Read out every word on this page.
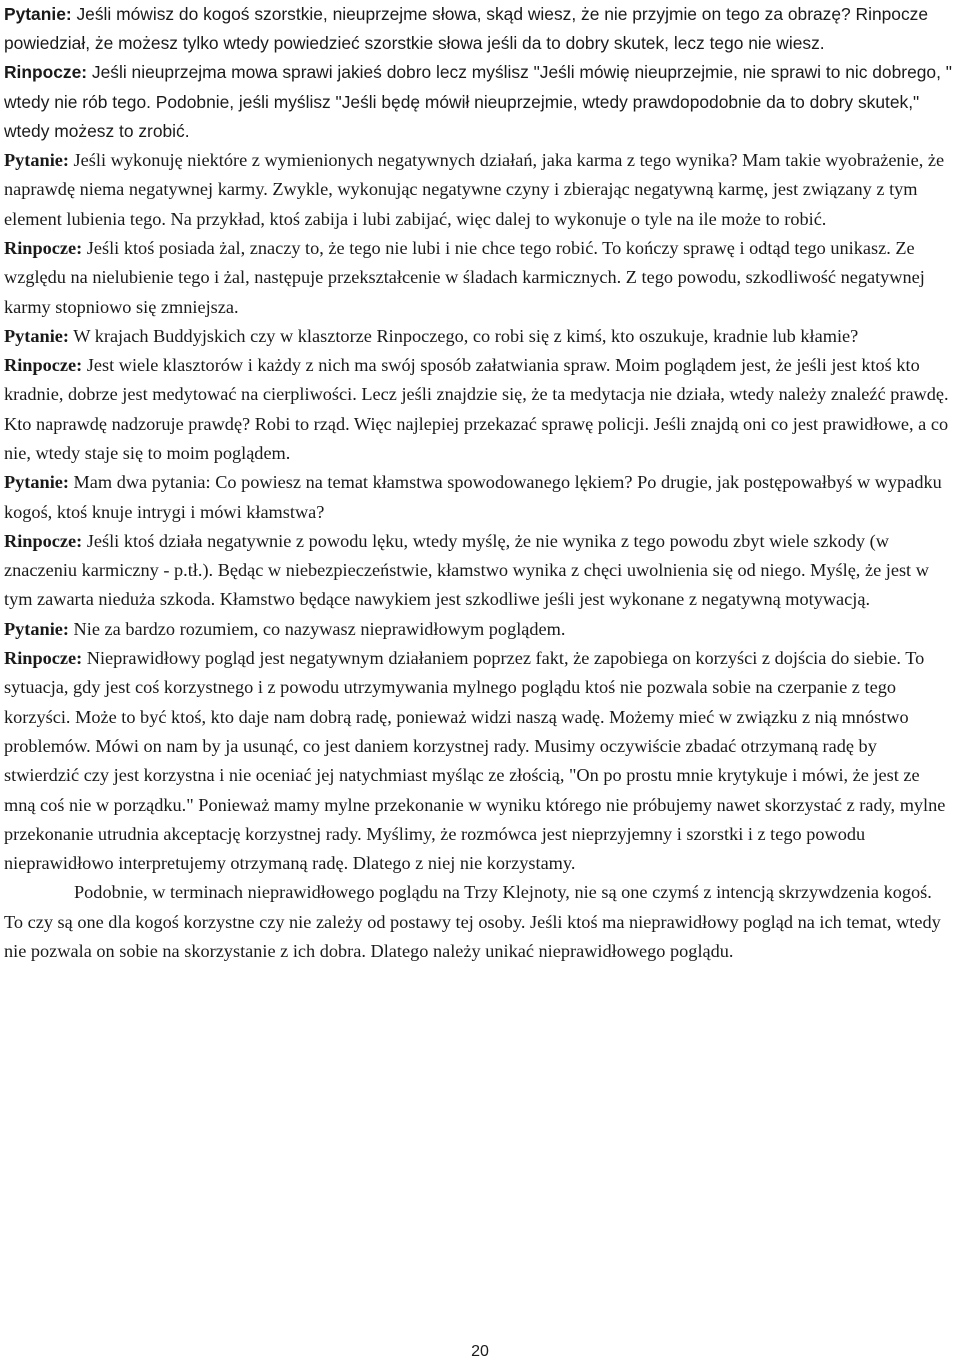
Pytanie: Jeśli mówisz do kogoś szorstkie, nieuprzejme słowa, skąd wiesz, że nie przyjmie on tego za obrazę? Rinpocze powiedział, że możesz tylko wtedy powiedzieć szorstkie słowa jeśli da to dobry skutek, lecz tego nie wiesz.

Rinpocze: Jeśli nieuprzejma mowa sprawi jakieś dobro lecz myślisz "Jeśli mówię nieuprzejmie, nie sprawi to nic dobrego, " wtedy nie rób tego. Podobnie, jeśli myślisz "Jeśli będę mówił nieuprzejmie, wtedy prawdopodobnie da to dobry skutek," wtedy możesz to zrobić.

Pytanie: Jeśli wykonuję niektóre z wymienionych negatywnych działań, jaka karma z tego wynika? Mam takie wyobrażenie, że naprawdę niema negatywnej karmy. Zwykle, wykonując negatywne czyny i zbierając negatywną karmę, jest związany z tym element lubienia tego. Na przykład, ktoś zabija i lubi zabijać, więc dalej to wykonuje o tyle na ile może to robić.

Rinpocze: Jeśli ktoś posiada żal, znaczy to, że tego nie lubi i nie chce tego robić. To kończy sprawę i odtąd tego unikasz. Ze względu na nielubienie tego i żal, następuje przekształcenie w śladach karmicznych. Z tego powodu, szkodliwość negatywnej karmy stopniowo się zmniejsza.

Pytanie: W krajach Buddyjskich czy w klasztorze Rinpoczego, co robi się z kimś, kto oszukuje, kradnie lub kłamie?

Rinpocze: Jest wiele klasztorów i każdy z nich ma swój sposób załatwiania spraw. Moim poglądem jest, że jeśli jest ktoś kto kradnie, dobrze jest medytować na cierpliwości. Lecz jeśli znajdzie się, że ta medytacja nie działa, wtedy należy znaleźć prawdę. Kto naprawdę nadzoruje prawdę? Robi to rząd. Więc najlepiej przekazać sprawę policji. Jeśli znajdą oni co jest prawidłowe, a co nie, wtedy staje się to moim poglądem.

Pytanie: Mam dwa pytania: Co powiesz na temat kłamstwa spowodowanego lękiem? Po drugie, jak postępowałbyś w wypadku kogoś, ktoś knuje intrygi i mówi kłamstwa?

Rinpocze: Jeśli ktoś działa negatywnie z powodu lęku, wtedy myślę, że nie wynika z tego powodu zbyt wiele szkody (w znaczeniu karmiczny - p.tł.). Będąc w niebezpieczeństwie, kłamstwo wynika z chęci uwolnienia się od niego. Myślę, że jest w tym zawarta nieduża szkoda. Kłamstwo będące nawykiem jest szkodliwe jeśli jest wykonane z negatywną motywacją.

Pytanie: Nie za bardzo rozumiem, co nazywasz nieprawidłowym poglądem.

Rinpocze: Nieprawidłowy pogląd jest negatywnym działaniem poprzez fakt, że zapobiega on korzyści z dojścia do siebie. To sytuacja, gdy jest coś korzystnego i z powodu utrzymywania mylnego poglądu ktoś nie pozwala sobie na czerpanie z tego korzyści. Może to być ktoś, kto daje nam dobrą radę, ponieważ widzi naszą wadę. Możemy mieć w związku z nią mnóstwo problemów. Mówi on nam by ja usunąć, co jest daniem korzystnej rady. Musimy oczywiście zbadać otrzymaną radę by stwierdzić czy jest korzystna i nie oceniać jej natychmiast myśląc ze złością, "On po prostu mnie krytykuje i mówi, że jest ze mną coś nie w porządku." Ponieważ mamy mylne przekonanie w wyniku którego nie próbujemy nawet skorzystać z rady, mylne przekonanie utrudnia akceptację korzystnej rady. Myślimy, że rozmówca jest nieprzyjemny i szorstki i z tego powodu nieprawidłowo interpretujemy otrzymaną radę. Dlatego z niej nie korzystamy.

Podobnie, w terminach nieprawidłowego poglądu na Trzy Klejnoty, nie są one czymś z intencją skrzywdzenia kogoś. To czy są one dla kogoś korzystne czy nie zależy od postawy tej osoby. Jeśli ktoś ma nieprawidłowy pogląd na ich temat, wtedy nie pozwala on sobie na skorzystanie z ich dobra. Dlatego należy unikać nieprawidłowego poglądu.

20
